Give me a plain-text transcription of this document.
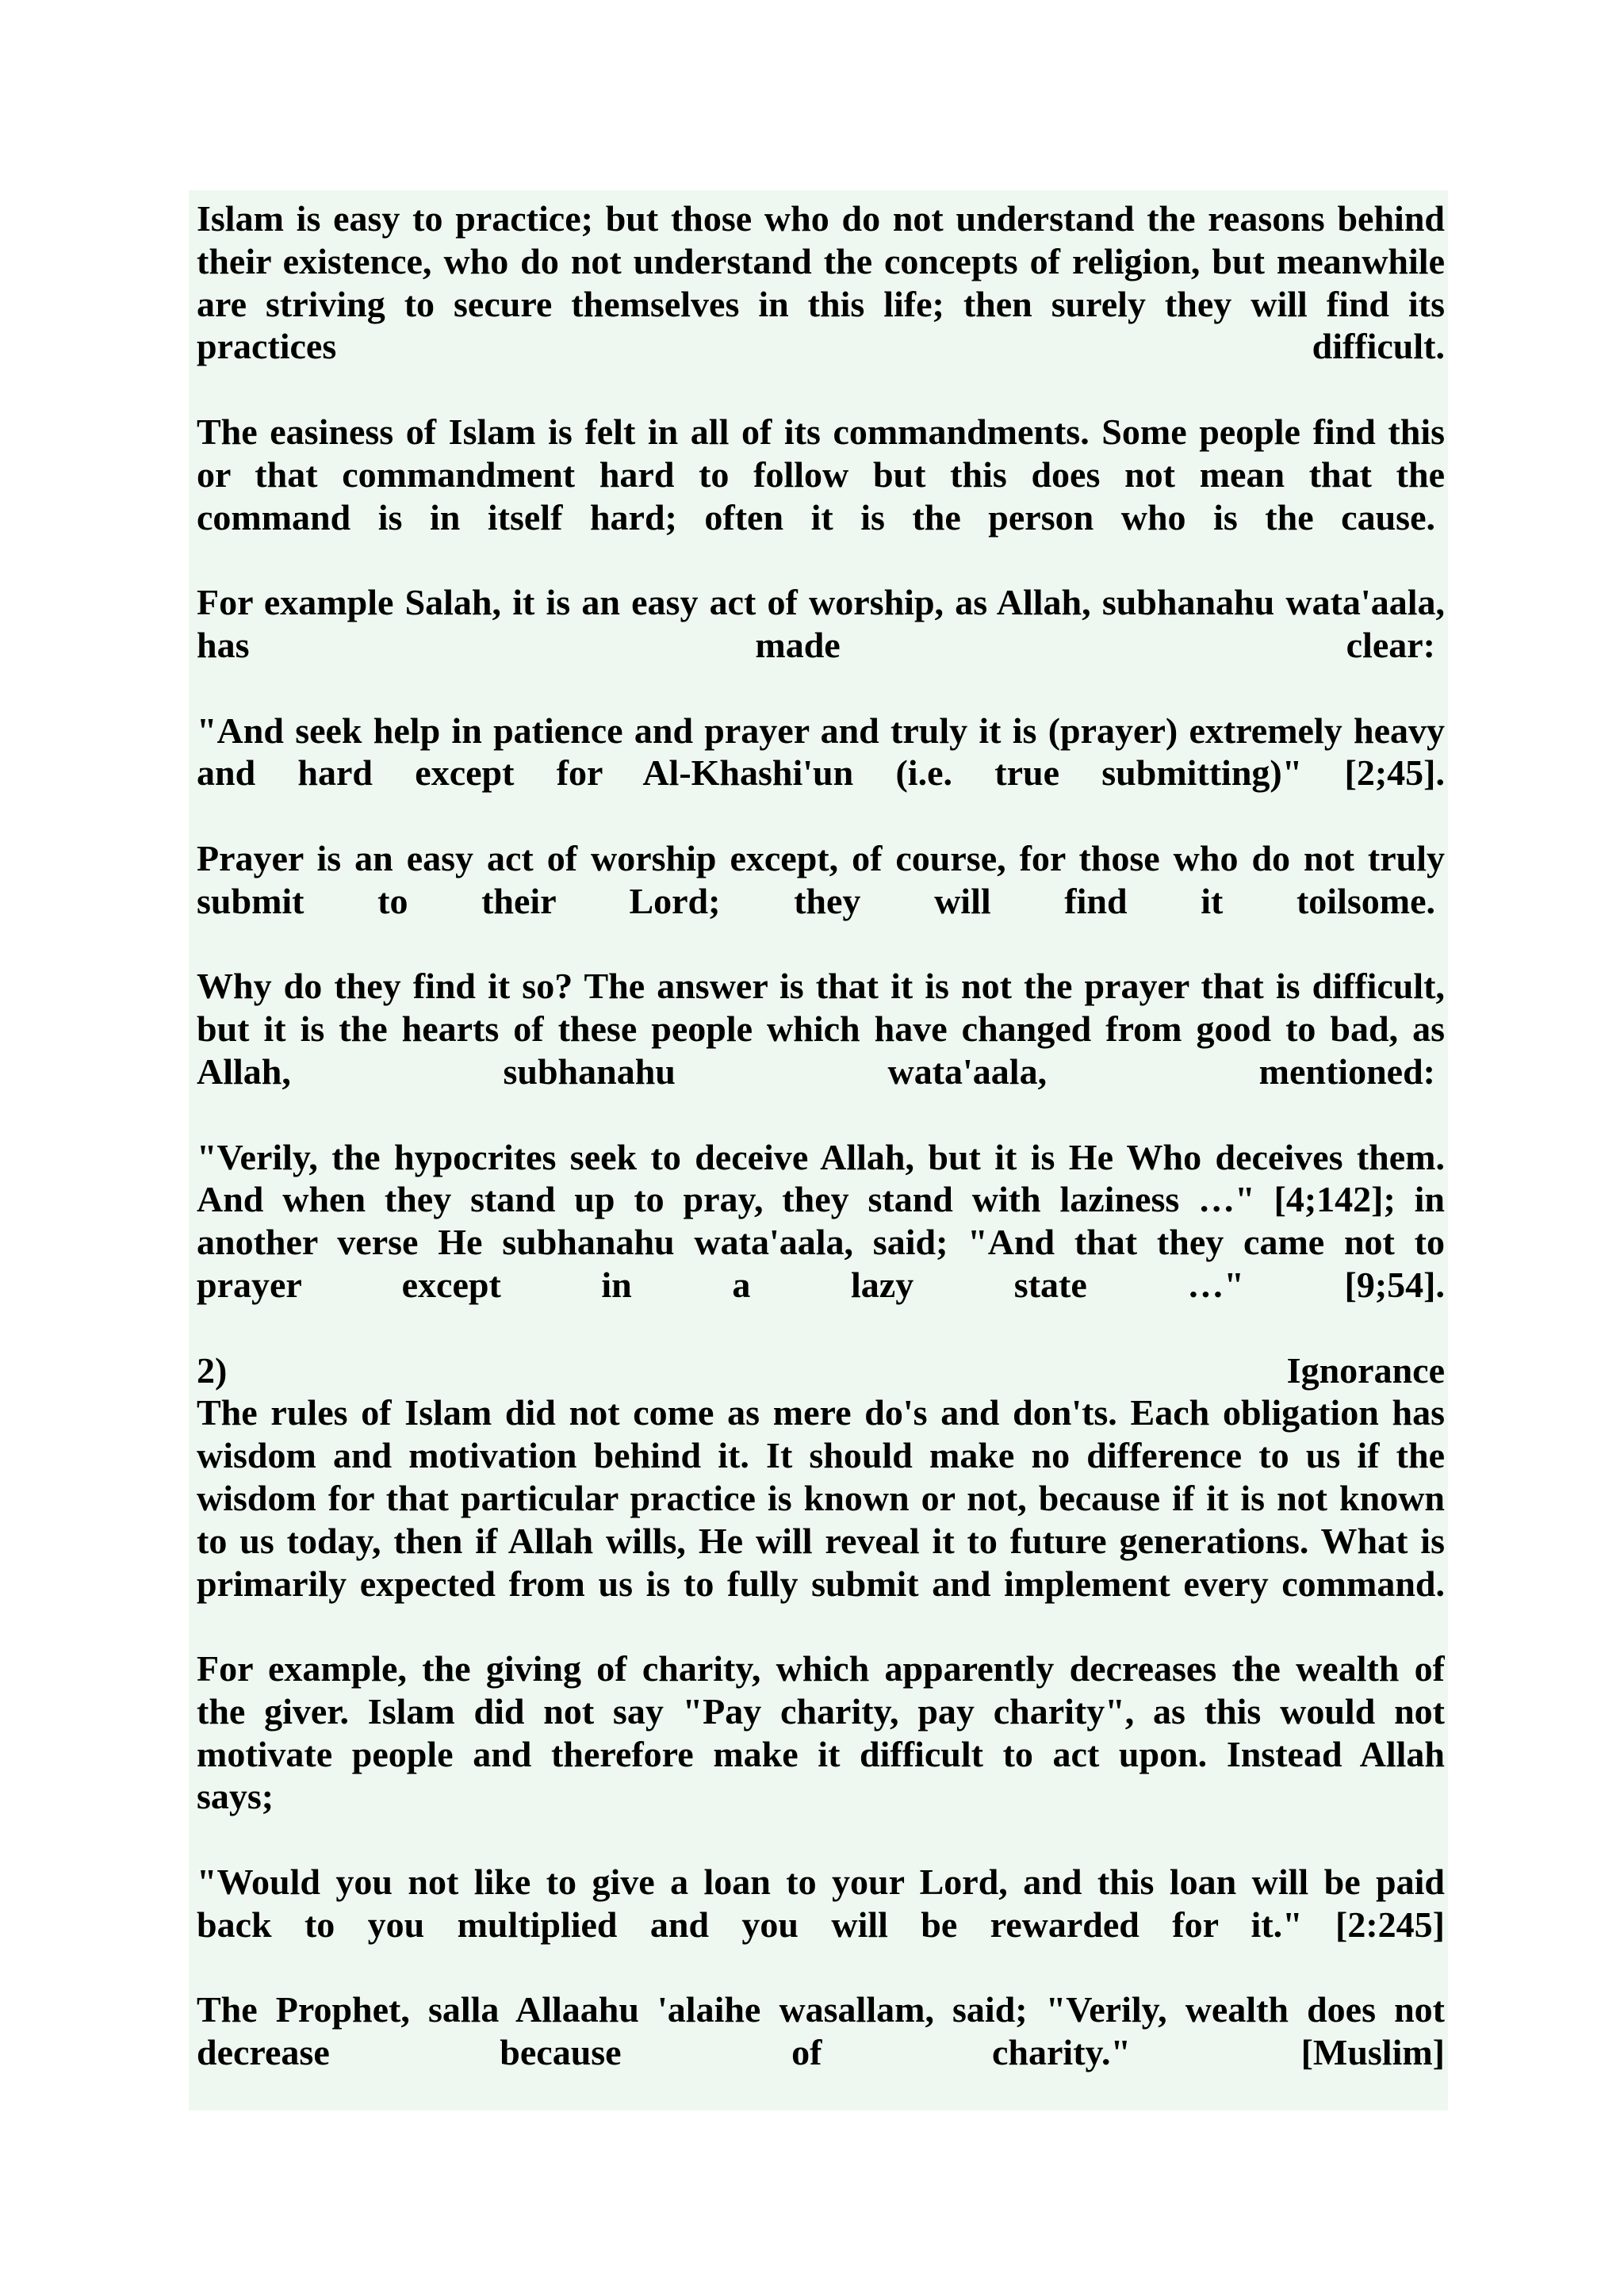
Islam is easy to practice; but those who do not understand the reasons behind
their existence, who do not understand the concepts of religion, but meanwhile
are striving to secure themselves in this life; then surely they will find its
practices difficult.
The easiness of Islam is felt in all of its commandments. Some people find this
or that commandment hard to follow but this does not mean that the
command is in itself hard; often it is the person who is the cause.
For example Salah, it is an easy act of worship, as Allah, subhanahu wata'aala,
has made clear:
"And seek help in patience and prayer and truly it is (prayer) extremely heavy
and hard except for Al-Khashi'un (i.e. true submitting)" [2;45].
Prayer is an easy act of worship except, of course, for those who do not truly
submit to their Lord; they will find it toilsome.
Why do they find it so? The answer is that it is not the prayer that is difficult,
but it is the hearts of these people which have changed from good to bad, as
Allah, subhanahu wata'aala, mentioned:
"Verily, the hypocrites seek to deceive Allah, but it is He Who deceives them.
And when they stand up to pray, they stand with laziness …" [4;142]; in
another verse He subhanahu wata'aala, said; "And that they came not to
prayer except in a lazy state …" [9;54].
2) Ignorance
The rules of Islam did not come as mere do's and don'ts. Each obligation has
wisdom and motivation behind it. It should make no difference to us if the
wisdom for that particular practice is known or not, because if it is not known
to us today, then if Allah wills, He will reveal it to future generations. What is
primarily expected from us is to fully submit and implement every command.
For example, the giving of charity, which apparently decreases the wealth of
the giver. Islam did not say "Pay charity, pay charity", as this would not
motivate people and therefore make it difficult to act upon. Instead Allah
says;
"Would you not like to give a loan to your Lord, and this loan will be paid
back to you multiplied and you will be rewarded for it." [2:245]
The Prophet, salla Allaahu 'alaihe wasallam, said; "Verily, wealth does not
decrease because of charity." [Muslim]
